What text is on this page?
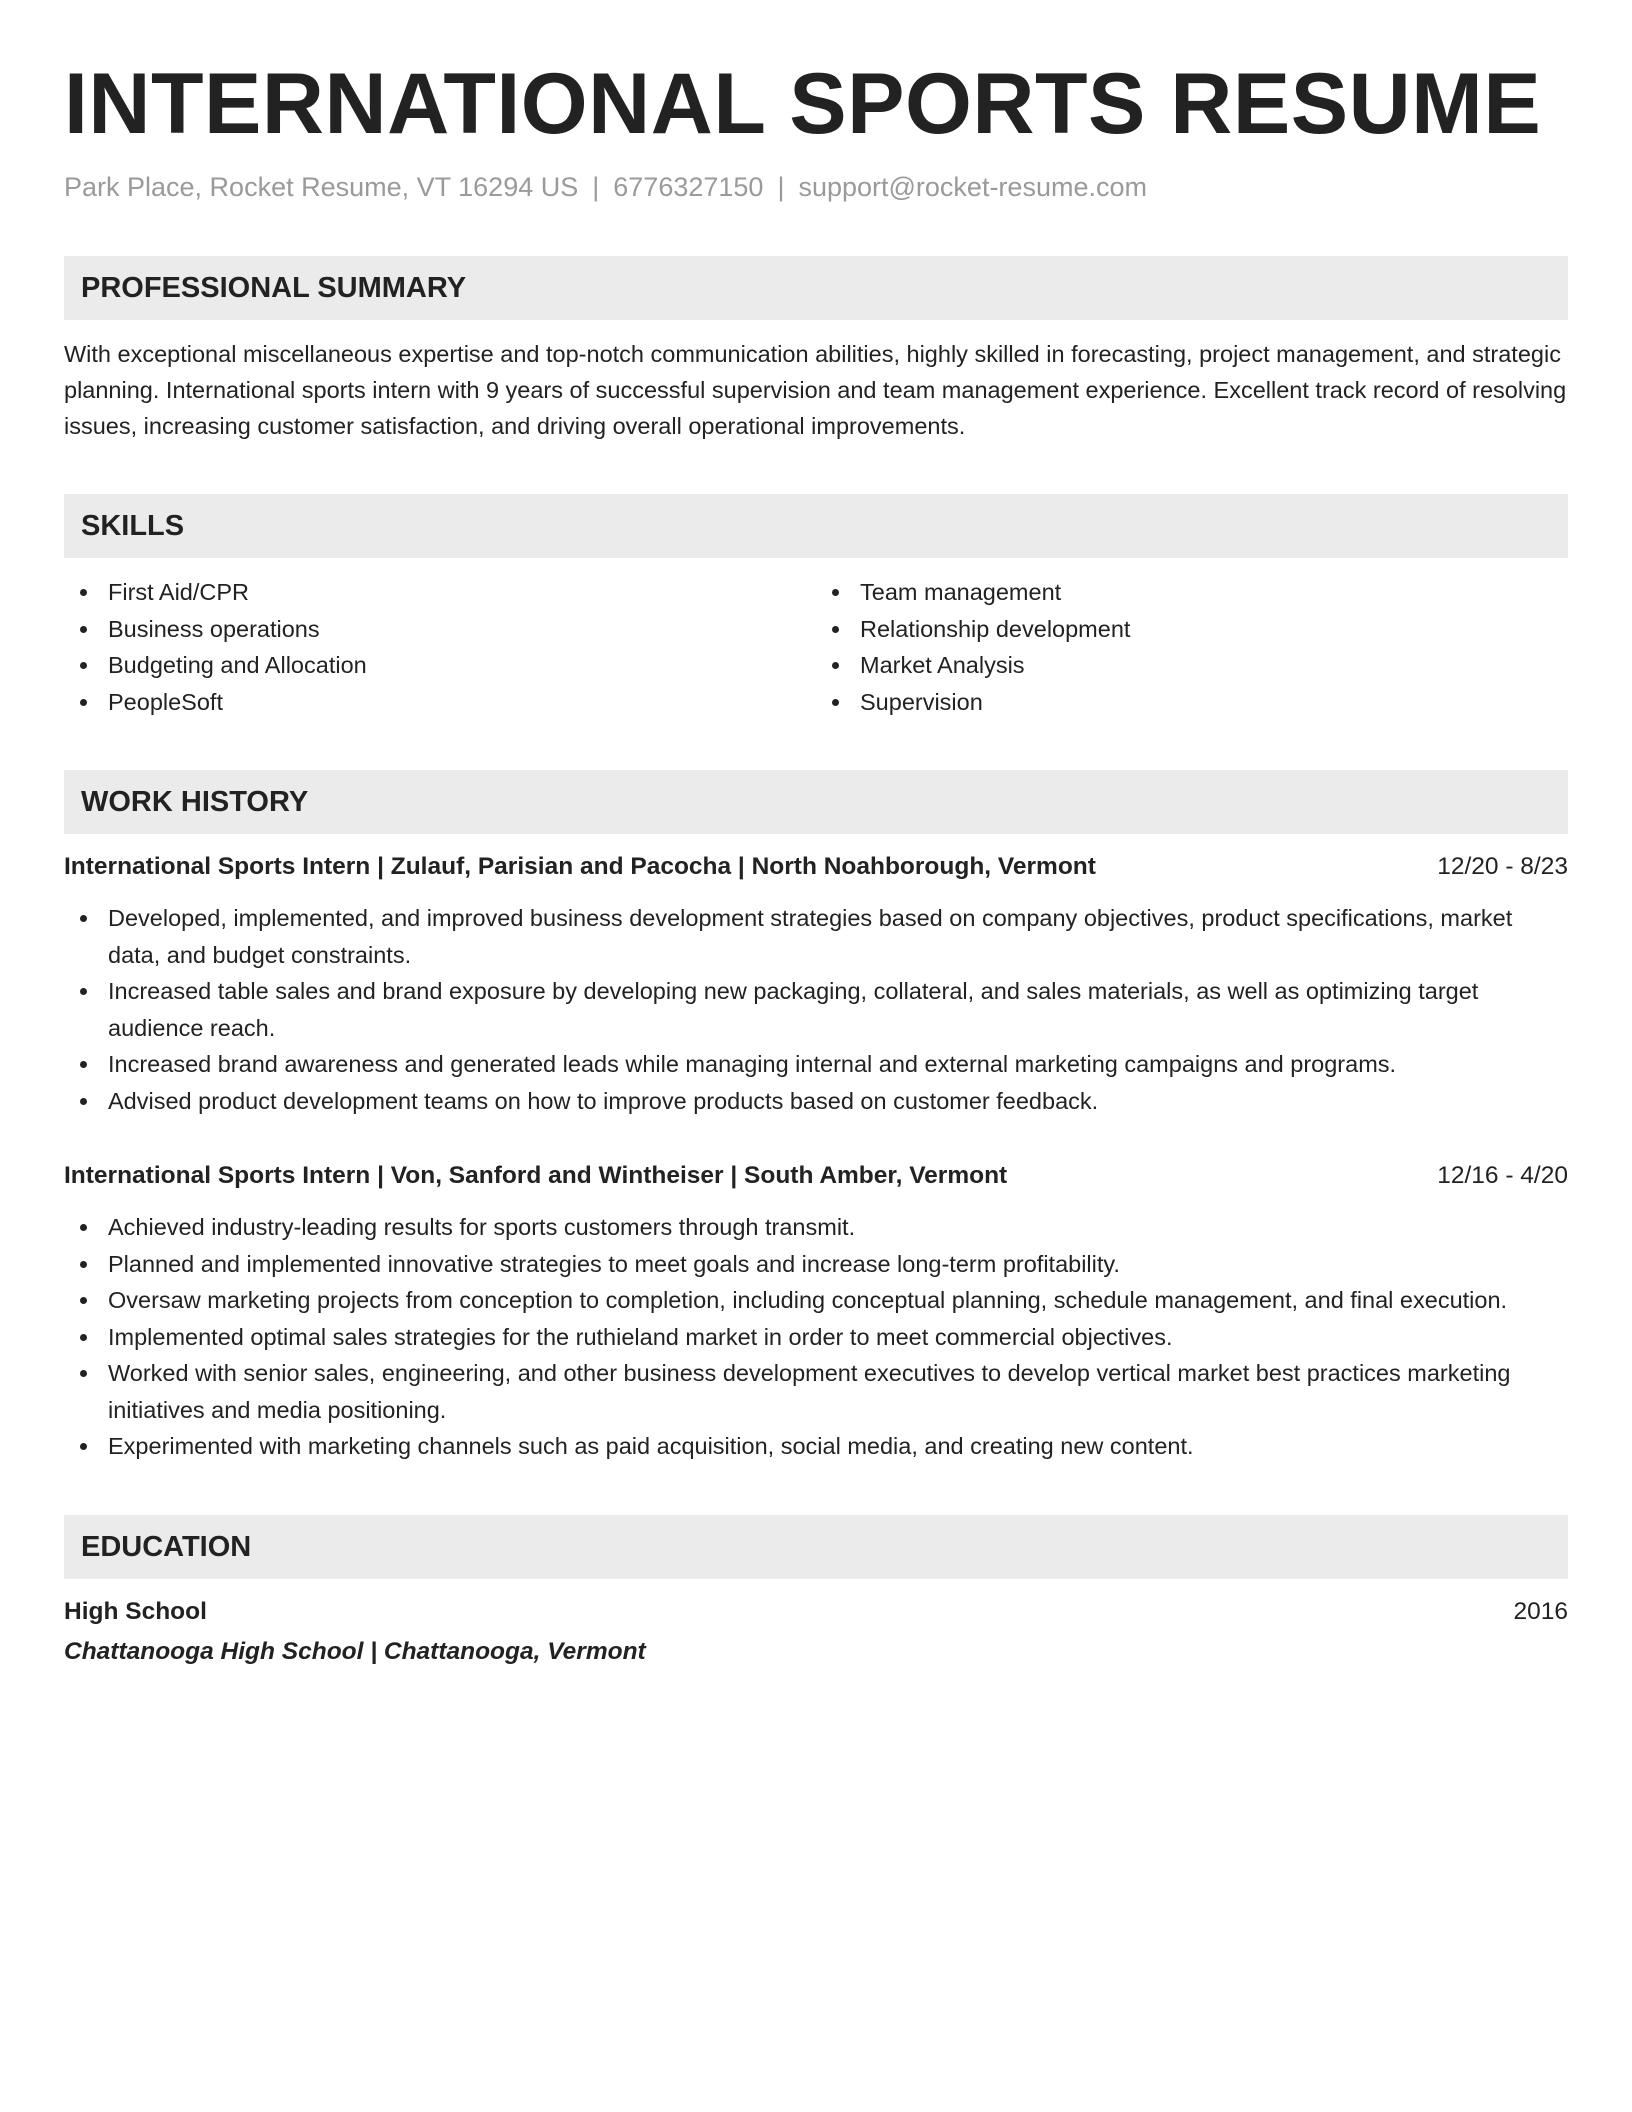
INTERNATIONAL SPORTS RESUME
Park Place, Rocket Resume, VT 16294 US | 6776327150 | support@rocket-resume.com
PROFESSIONAL SUMMARY
With exceptional miscellaneous expertise and top-notch communication abilities, highly skilled in forecasting, project management, and strategic planning. International sports intern with 9 years of successful supervision and team management experience. Excellent track record of resolving issues, increasing customer satisfaction, and driving overall operational improvements.
SKILLS
First Aid/CPR
Business operations
Budgeting and Allocation
PeopleSoft
Team management
Relationship development
Market Analysis
Supervision
WORK HISTORY
International Sports Intern | Zulauf, Parisian and Pacocha | North Noahborough, Vermont	12/20 - 8/23
Developed, implemented, and improved business development strategies based on company objectives, product specifications, market data, and budget constraints.
Increased table sales and brand exposure by developing new packaging, collateral, and sales materials, as well as optimizing target audience reach.
Increased brand awareness and generated leads while managing internal and external marketing campaigns and programs.
Advised product development teams on how to improve products based on customer feedback.
International Sports Intern | Von, Sanford and Wintheiser | South Amber, Vermont	12/16 - 4/20
Achieved industry-leading results for sports customers through transmit.
Planned and implemented innovative strategies to meet goals and increase long-term profitability.
Oversaw marketing projects from conception to completion, including conceptual planning, schedule management, and final execution.
Implemented optimal sales strategies for the ruthieland market in order to meet commercial objectives.
Worked with senior sales, engineering, and other business development executives to develop vertical market best practices marketing initiatives and media positioning.
Experimented with marketing channels such as paid acquisition, social media, and creating new content.
EDUCATION
High School	2016
Chattanooga High School | Chattanooga, Vermont
